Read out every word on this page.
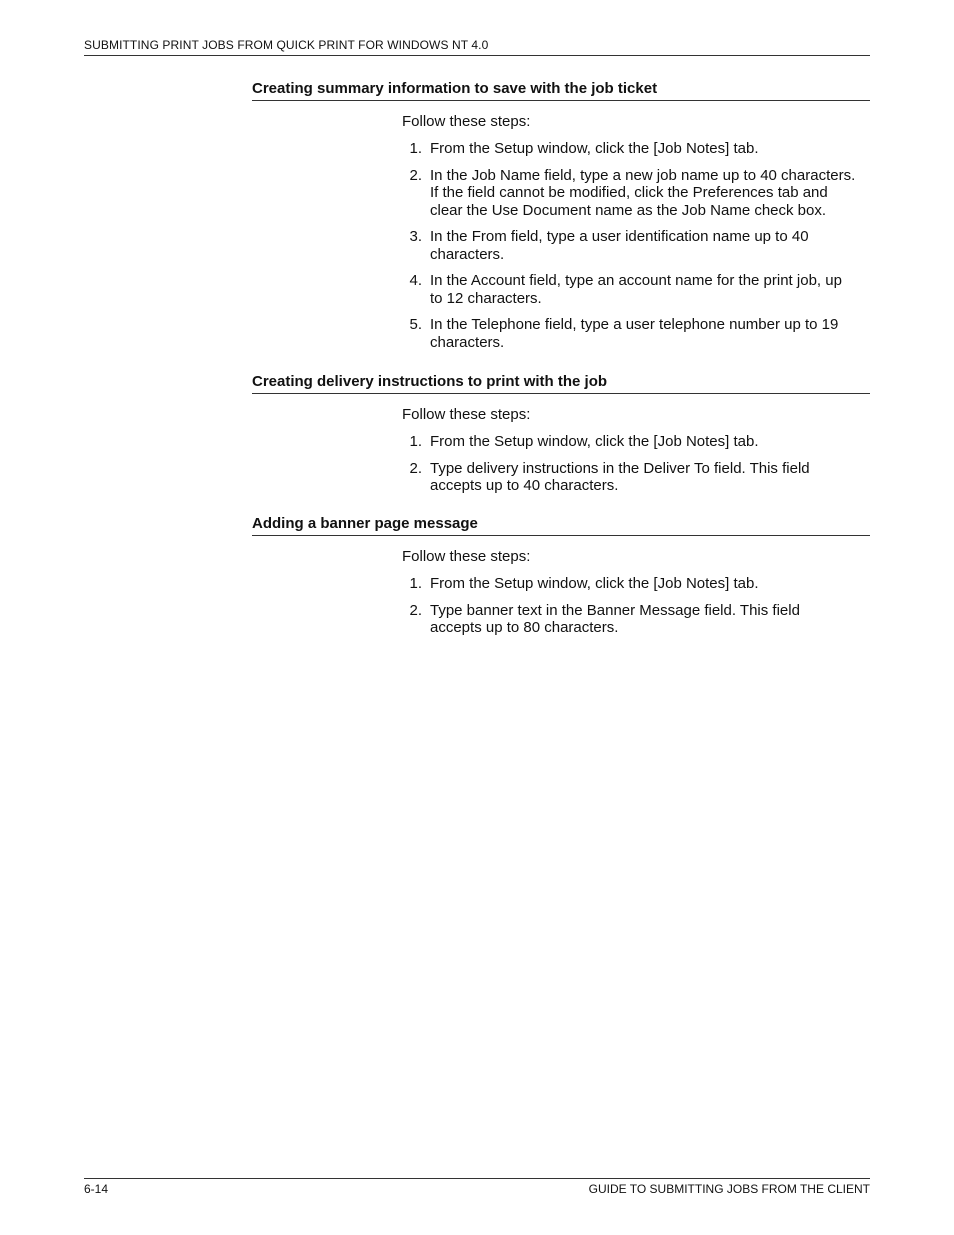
SUBMITTING PRINT JOBS FROM QUICK PRINT FOR WINDOWS NT 4.0
Creating summary information to save with the job ticket

Follow these steps:

1. From the Setup window, click the [Job Notes] tab.
2. In the Job Name field, type a new job name up to 40 characters.
If the field cannot be modified, click the Preferences tab and
clear the Use Document name as the Job Name check box.
3. In the From field, type a user identification name up to 40
characters.
4. In the Account field, type an account name for the print job, up
to 12 characters.
5. In the Telephone field, type a user telephone number up to 19
characters.
Creating delivery instructions to print with the job

Follow these steps:

1. From the Setup window, click the [Job Notes] tab.
2. Type delivery instructions in the Deliver To field. This field
accepts up to 40 characters.
Adding a banner page message

Follow these steps:

1. From the Setup window, click the [Job Notes] tab.
2. Type banner text in the Banner Message field. This field
accepts up to 80 characters.
6-14	GUIDE TO SUBMITTING JOBS FROM THE CLIENT
